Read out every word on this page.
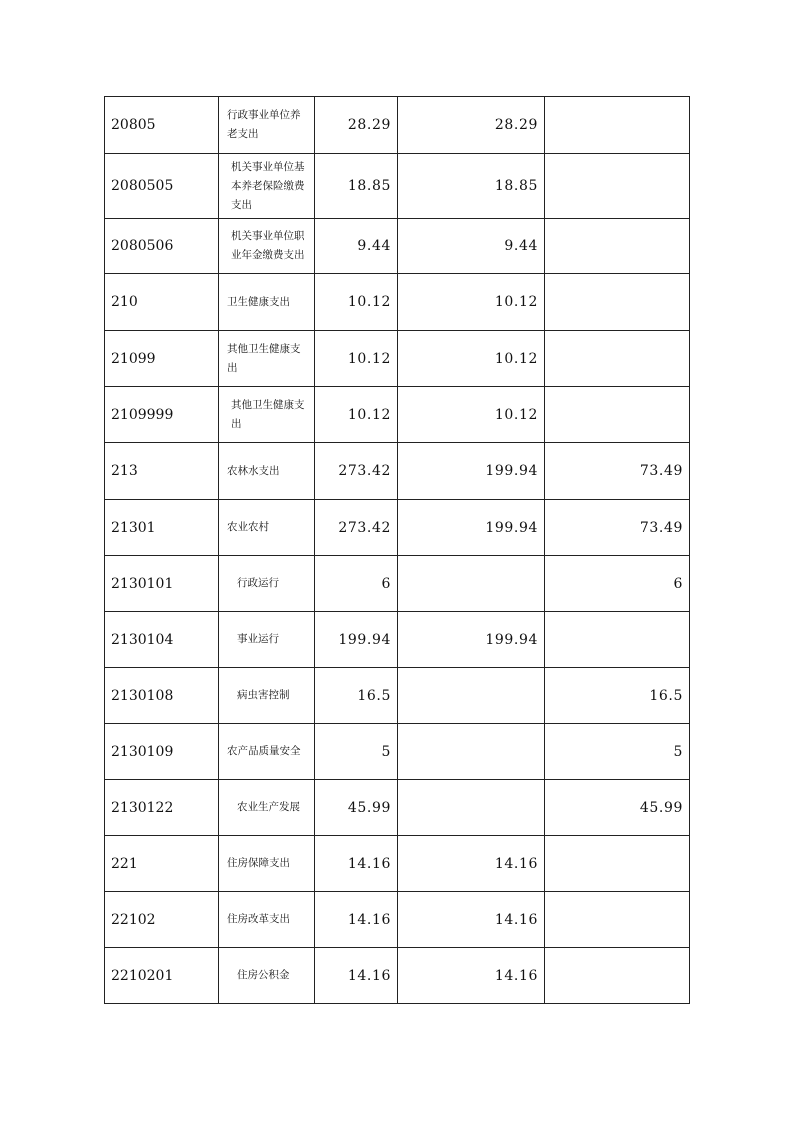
20805	行政事业单位养老支出	28.29	28.29	
2080505	机关事业单位基本养老保险缴费支出	18.85	18.85	
2080506	机关事业单位职业年金缴费支出	9.44	9.44	
210	卫生健康支出	10.12	10.12	
21099	其他卫生健康支出	10.12	10.12	
2109999	其他卫生健康支出	10.12	10.12	
213	农林水支出	273.42	199.94	73.49
21301	农业农村	273.42	199.94	73.49
2130101	行政运行	6		6
2130104	事业运行	199.94	199.94	
2130108	病虫害控制	16.5		16.5
2130109	农产品质量安全	5		5
2130122	农业生产发展	45.99		45.99
221	住房保障支出	14.16	14.16	
22102	住房改革支出	14.16	14.16	
2210201	住房公积金	14.16	14.16	
